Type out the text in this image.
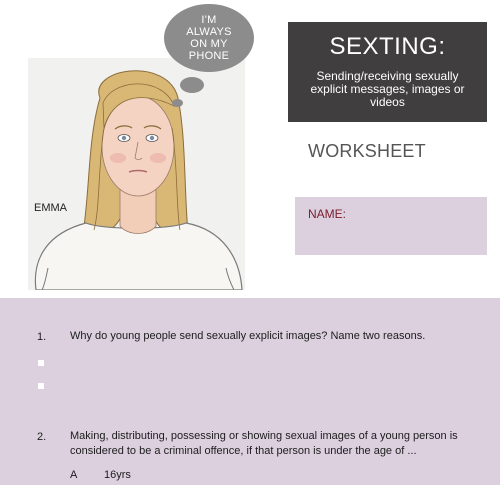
I'M
ALWAYS
ON MY
PHONE
EMMA
SEXTING:
Sending/receiving sexually explicit messages, images or videos
WORKSHEET
NAME:
1. Why do young people send sexually explicit images? Name two reasons.
2. Making, distributing, possessing or showing sexual images of a young person is
considered to be a criminal offence, if that person is under the age of ...
A 16yrs
